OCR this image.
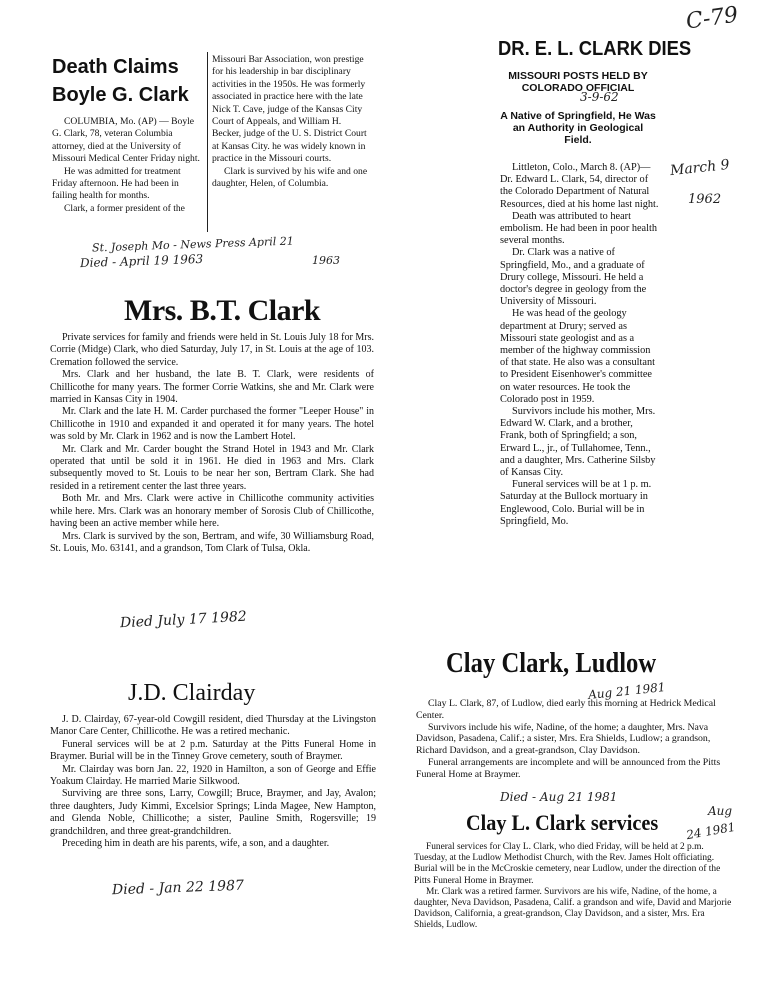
C-79
Death Claims
Boyle G. Clark

COLUMBIA, Mo. (AP) — Boyle G. Clark, 78, veteran Columbia attorney, died at the University of Missouri Medical Center Friday night.

He was admitted for treatment Friday afternoon. He had been in failing health for months.

Clark, a former president of the

Missouri Bar Association, won prestige for his leadership in bar disciplinary activities in the 1950s. He was formerly associated in practice here with the late Nick T. Cave, judge of the Kansas City Court of Appeals, and William H. Becker, judge of the U. S. District Court at Kansas City. he was widely known in practice in the Missouri courts.

Clark is survived by his wife and one daughter, Helen, of Columbia.

St. Joseph Mo - News Press April 21
1963
Died - April 19 1963
Mrs. B.T. Clark

Private services for family and friends were held in St. Louis July 18 for Mrs. Corrie (Midge) Clark, who died Saturday, July 17, in St. Louis at the age of 103. Cremation followed the service.

Mrs. Clark and her husband, the late B. T. Clark, were residents of Chillicothe for many years. The former Corrie Watkins, she and Mr. Clark were married in Kansas City in 1904.

Mr. Clark and the late H. M. Carder purchased the former "Leeper House" in Chillicothe in 1910 and expanded it and operated it for many years. The hotel was sold by Mr. Clark in 1962 and is now the Lambert Hotel.

Mr. Clark and Mr. Carder bought the Strand Hotel in 1943 and Mr. Clark operated that until be sold it in 1961. He died in 1963 and Mrs. Clark subsequently moved to St. Louis to be near her son, Bertram Clark. She had resided in a retirement center the last three years.

Both Mr. and Mrs. Clark were active in Chillicothe community activities while here. Mrs. Clark was an honorary member of Sorosis Club of Chillicothe, having been an active member while here.

Mrs. Clark is survived by the son, Bertram, and wife, 30 Williamsburg Road, St. Louis, Mo. 63141, and a grandson, Tom Clark of Tulsa, Okla.

Died July 17 1982
J.D. Clairday

J. D. Clairday, 67-year-old Cowgill resident, died Thursday at the Livingston Manor Care Center, Chillicothe. He was a retired mechanic.

Funeral services will be at 2 p.m. Saturday at the Pitts Funeral Home in Braymer. Burial will be in the Tinney Grove cemetery, south of Braymer.

Mr. Clairday was born Jan. 22, 1920 in Hamilton, a son of George and Effie Yoakum Clairday. He married Marie Silkwood.

Surviving are three sons, Larry, Cowgill; Bruce, Braymer, and Jay, Avalon; three daughters, Judy Kimmi, Excelsior Springs; Linda Magee, New Hampton, and Glenda Noble, Chillicothe; a sister, Pauline Smith, Rogersville; 19 grandchildren, and three great-grandchildren.

Preceding him in death are his parents, wife, a son, and a daughter.

Died - Jan 22 1987
DR. E. L. CLARK DIES
MISSOURI POSTS HELD BY COLORADO OFFICIAL
3-9-62
A Native of Springfield, He Was an Authority in Geological Field.

Littleton, Colo., March 8. (AP)—Dr. Edward L. Clark, 54, director of the Colorado Department of Natural Resources, died at his home last night.

Death was attributed to heart embolism. He had been in poor health several months.

Dr. Clark was a native of Springfield, Mo., and a graduate of Drury college, Missouri. He held a doctor's degree in geology from the University of Missouri.

He was head of the geology department at Drury; served as Missouri state geologist and as a member of the highway commission of that state. He also was a consultant to President Eisenhower's committee on water resources. He took the Colorado post in 1959.

Survivors include his mother, Mrs. Edward W. Clark, and a brother, Frank, both of Springfield; a son, Erward L., jr., of Tullahomee, Tenn., and a daughter, Mrs. Catherine Silsby of Kansas City.

Funeral services will be at 1 p. m. Saturday at the Bullock mortuary in Englewood, Colo. Burial will be in Springfield, Mo.

March 9
1962
Clay Clark, Ludlow
Aug 21 1981

Clay L. Clark, 87, of Ludlow, died early this morning at Hedrick Medical Center.

Survivors include his wife, Nadine, of the home; a daughter, Mrs. Nava Davidson, Pasadena, Calif.; a sister, Mrs. Era Shields, Ludlow; a grandson, Richard Davidson, and a great-grandson, Clay Davidson.

Funeral arrangements are incomplete and will be announced from the Pitts Funeral Home at Braymer.

Died - Aug 21 1981
Clay L. Clark services	Aug
24 1981

Funeral services for Clay L. Clark, who died Friday, will be held at 2 p.m. Tuesday, at the Ludlow Methodist Church, with the Rev. James Holt officiating. Burial will be in the McCroskie cemetery, near Ludlow, under the direction of the Pitts Funeral Home in Braymer.

Mr. Clark was a retired farmer. Survivors are his wife, Nadine, of the home, a daughter, Neva Davidson, Pasadena, Calif. a grandson and wife, David and Marjorie Davidson, California, a great-grandson, Clay Davidson, and a sister, Mrs. Era Shields, Ludlow.
